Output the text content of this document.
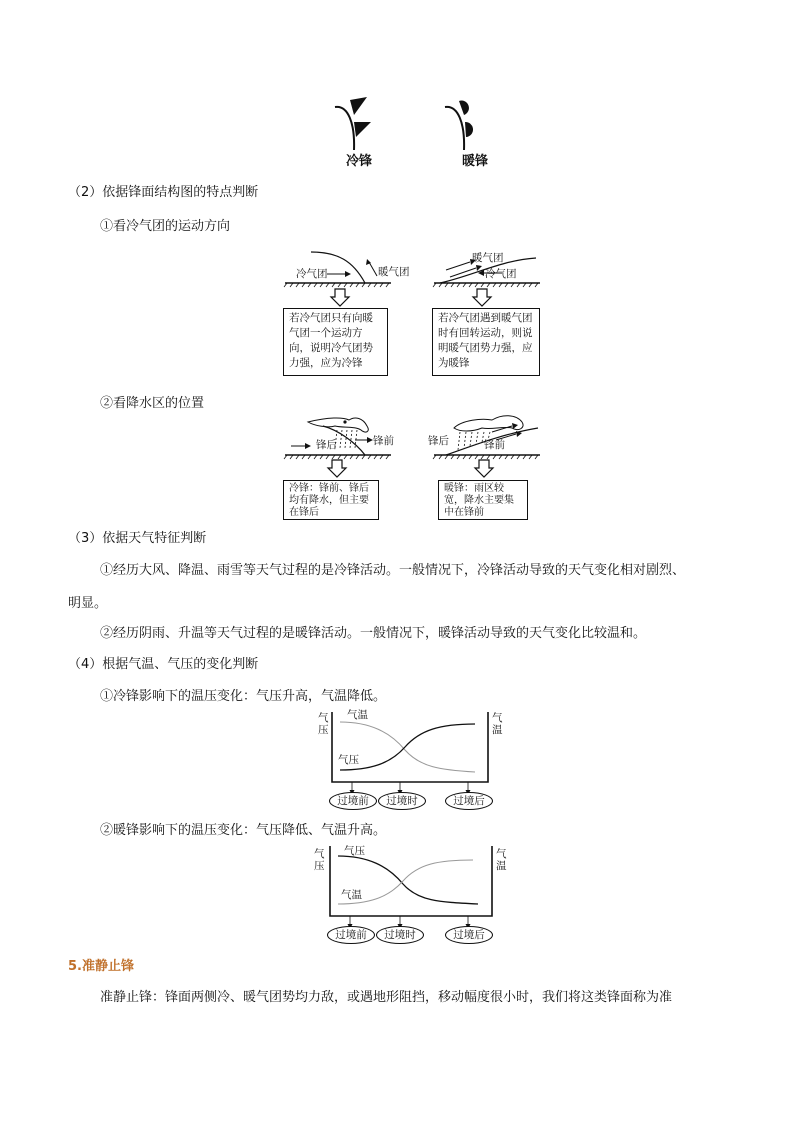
冷锋	暖锋
（2）依据锋面结构图的特点判断
①看冷气团的运动方向
冷气团	暖气团
若冷气团只有向暖气团一个运动方向，说明冷气团势力强，应为冷锋
暖气团
冷气团
若冷气团遇到暖气团时有回转运动，则说明暖气团势力强，应为暖锋
②看降水区的位置
锋后	锋前
冷锋：锋前、锋后均有降水，但主要在锋后
锋后	锋前
暖锋：雨区较宽，降水主要集中在锋前
（3）依据天气特征判断
①经历大风、降温、雨雪等天气过程的是冷锋活动。一般情况下，冷锋活动导致的天气变化相对剧烈、
明显。
②经历阴雨、升温等天气过程的是暖锋活动。一般情况下，暖锋活动导致的天气变化比较温和。
（4）根据气温、气压的变化判断
①冷锋影响下的温压变化：气压升高，气温降低。
气压
气温
气温
气压
过境前	过境时	过境后
②暖锋影响下的温压变化：气压降低、气温升高。
气压
气温
气压
气温
过境前	过境时	过境后
5.准静止锋
准静止锋：锋面两侧冷、暖气团势均力敌，或遇地形阻挡，移动幅度很小时，我们将这类锋面称为准
